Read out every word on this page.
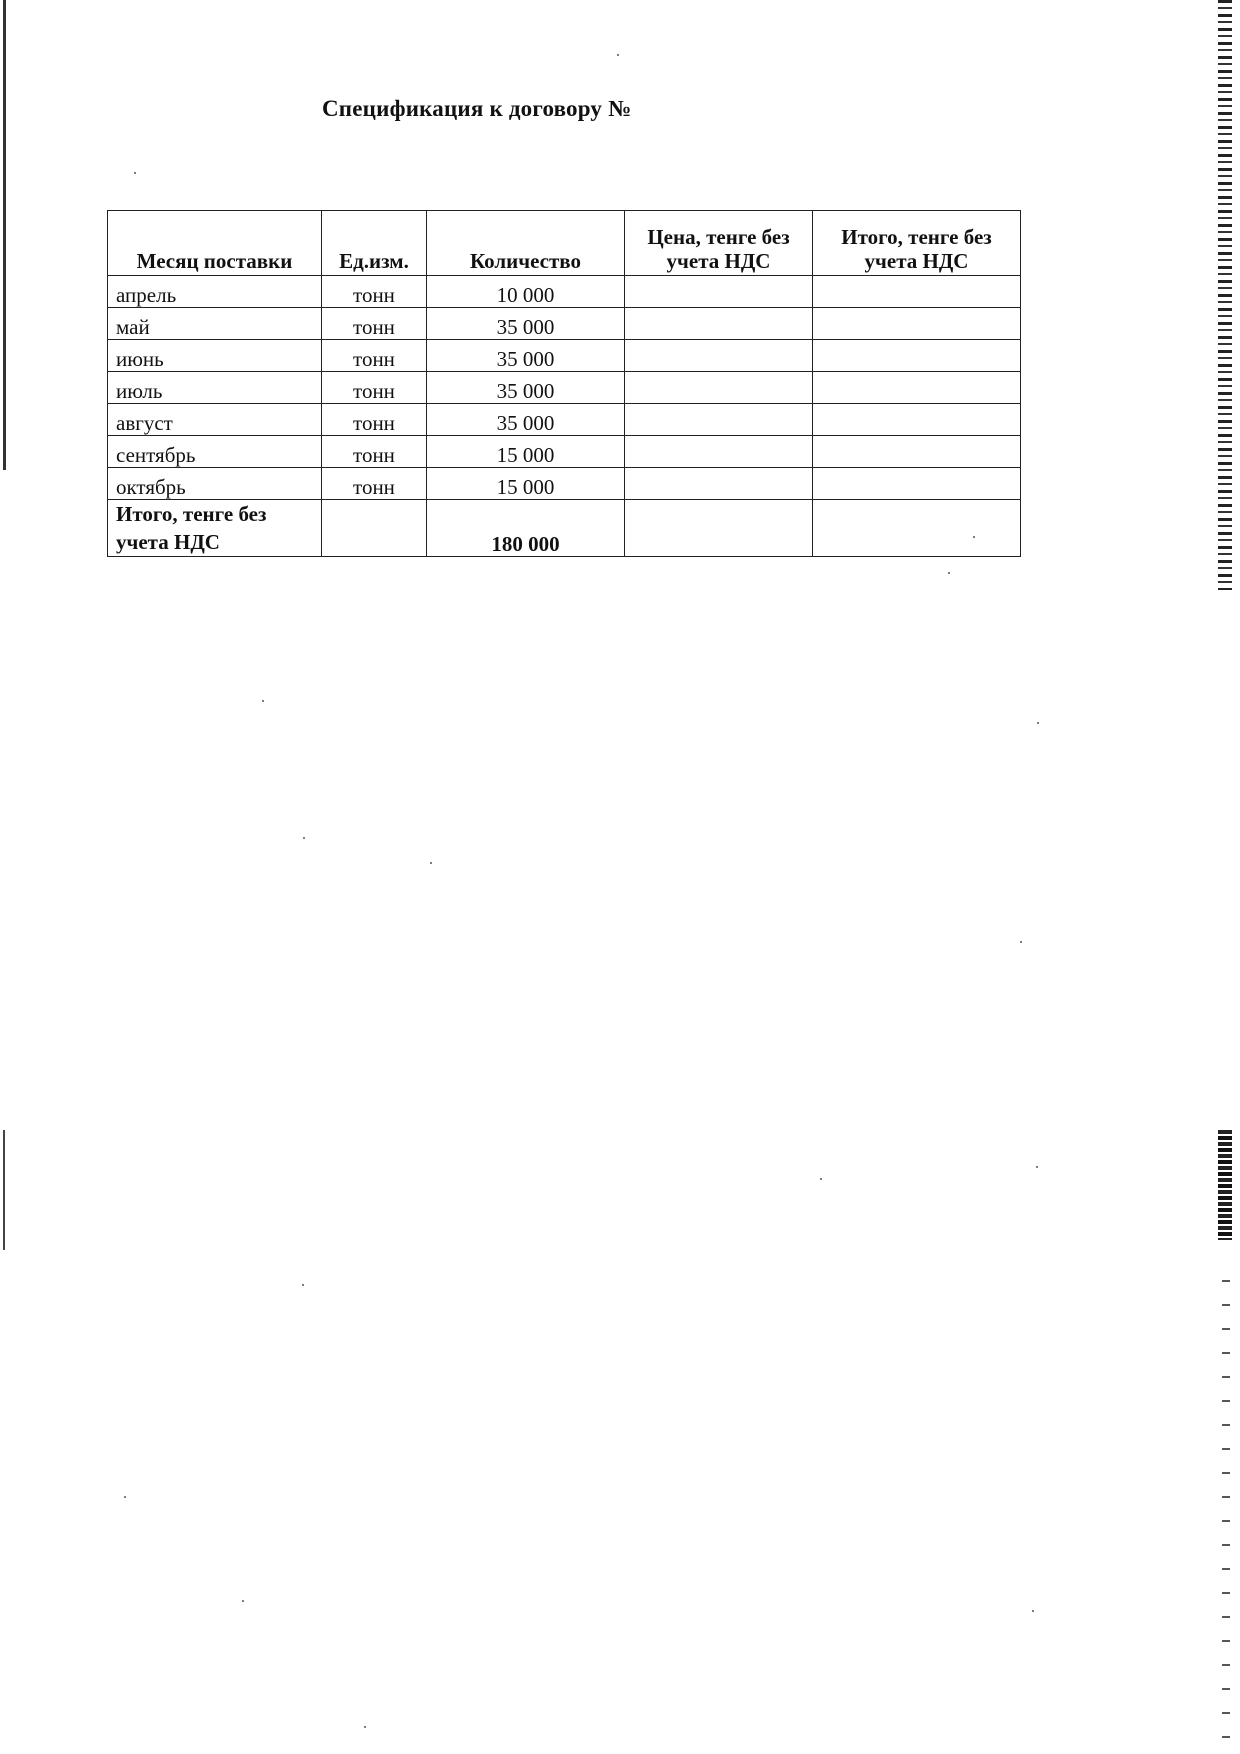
Спецификация к договору №
Месяц поставки	Ед.изм.	Количество	Цена, тенге без учета НДС	Итого, тенге без учета НДС
апрель	тонн	10 000		
май	тонн	35 000		
июнь	тонн	35 000		
июль	тонн	35 000		
август	тонн	35 000		
сентябрь	тонн	15 000		
октябрь	тонн	15 000		
Итого, тенге без учета НДС		180 000		
